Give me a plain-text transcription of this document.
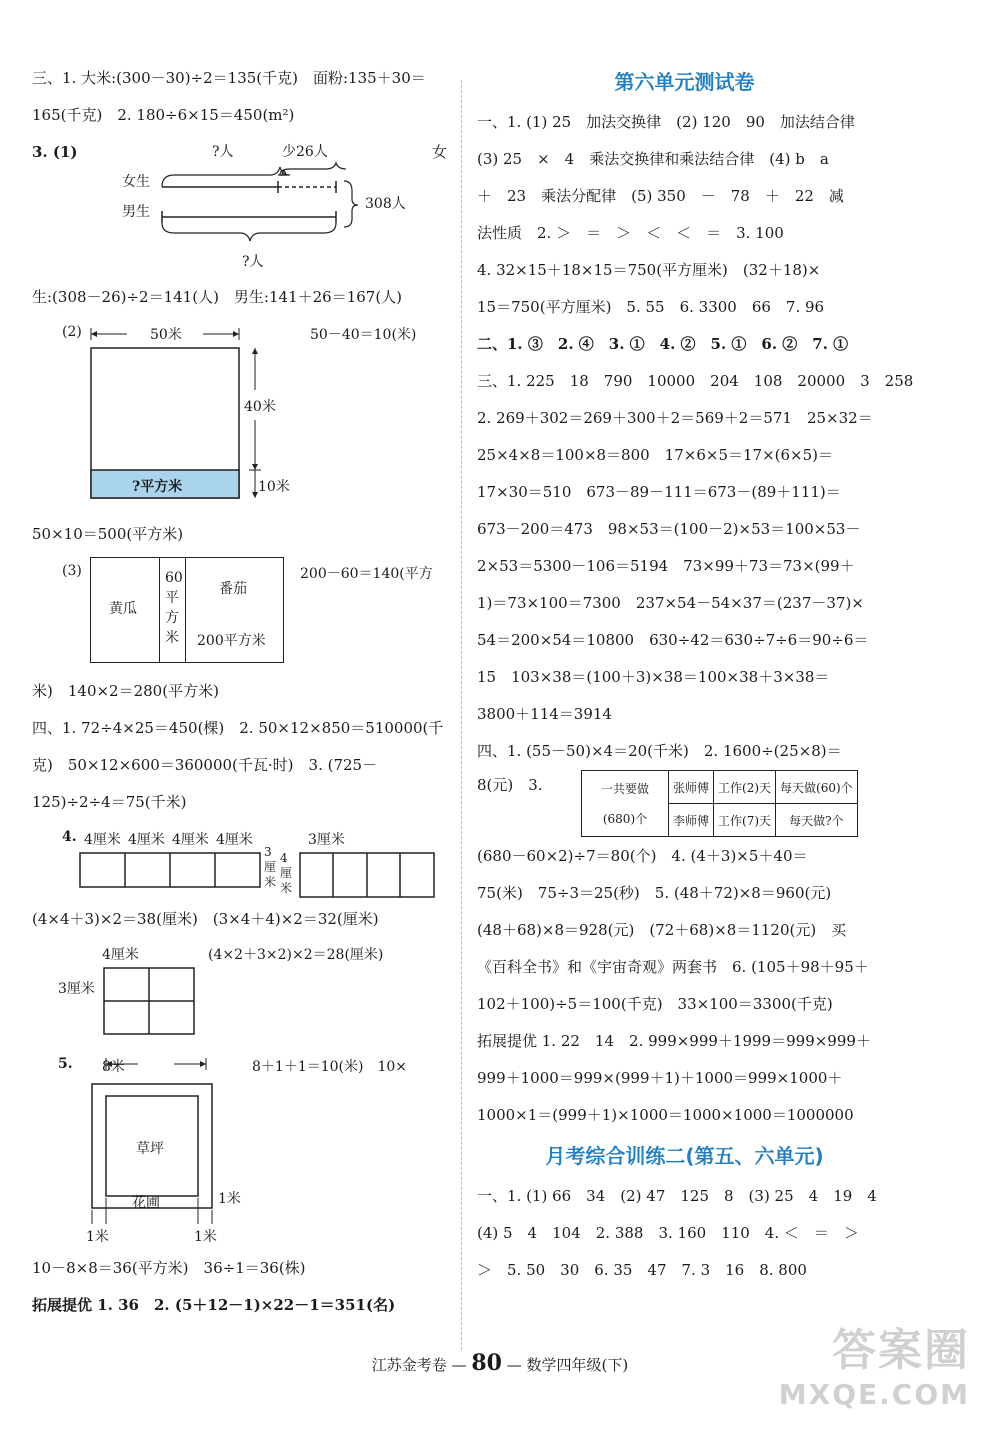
三、1. 大米:(300－30)÷2＝135(千克)　面粉:135＋30＝
165(千克)　2. 180÷6×15＝450(m²)
3. (1)	女
?人	少26人
女生
男生	308人
?人
生:(308－26)÷2＝141(人)　男生:141＋26＝167(人)
(2)	50－40＝10(米)
50米
40米
10米
?平方米
50×10＝500(平方米)
(3)	200－60＝140(平方
黄瓜
60平方米
番茄
200平方米
米)　140×2＝280(平方米)
四、1. 72÷4×25＝450(棵)　2. 50×12×850＝510000(千
克)　50×12×600＝360000(千瓦·时)　3. (725－
125)÷2÷4＝75(千米)
4. 4厘米 4厘米 4厘米 4厘米	3厘米
3厘米
4厘米
(4×4＋3)×2＝38(厘米)　(3×4＋4)×2＝32(厘米)
4厘米	(4×2＋3×2)×2＝28(厘米)
3厘米
5.	8＋1＋1＝10(米)　10×
草坪
花圃	1米
1米	1米
8米
10－8×8＝36(平方米)　36÷1＝36(株)
拓展提优 1. 36　2. (5＋12－1)×22－1＝351(名)
第六单元测试卷
一、1. (1) 25　加法交换律　(2) 120　90　加法结合律
(3) 25　×　4　乘法交换律和乘法结合律　(4) b　a
＋　23　乘法分配律　(5) 350　－　78　＋　22　减
法性质　2. ＞　＝　＞　＜　＜　＝　3. 100
4. 32×15＋18×15＝750(平方厘米)　(32＋18)×
15＝750(平方厘米)　5. 55　6. 3300　66　7. 96
二、1. ③　2. ④　3. ①　4. ②　5. ①　6. ②　7. ①
三、1. 225　18　790　10000　204　108　20000　3　258
2. 269＋302＝269＋300＋2＝569＋2＝571　25×32＝
25×4×8＝100×8＝800　17×6×5＝17×(6×5)＝
17×30＝510　673－89－111＝673－(89＋111)＝
673－200＝473　98×53＝(100－2)×53＝100×53－
2×53＝5300－106＝5194　73×99＋73＝73×(99＋
1)＝73×100＝7300　237×54－54×37＝(237－37)×
54＝200×54＝10800　630÷42＝630÷7÷6＝90÷6＝
15　103×38＝(100＋3)×38＝100×38＋3×38＝
3800＋114＝3914
四、1. (55－50)×4＝20(千米)　2. 1600÷(25×8)＝
8(元)　3.	一共要做
(680)个	张师傅	工作(2)天	每天做(60)个
	李师傅	工作(7)天	每天做?个
(680－60×2)÷7＝80(个)　4. (4＋3)×5＋40＝
75(米)　75÷3＝25(秒)　5. (48＋72)×8＝960(元)
(48＋68)×8＝928(元)　(72＋68)×8＝1120(元)　买
《百科全书》和《宇宙奇观》两套书　6. (105＋98＋95＋
102＋100)÷5＝100(千克)　33×100＝3300(千克)
拓展提优 1. 22　14　2. 999×999＋1999＝999×999＋
999＋1000＝999×(999＋1)＋1000＝999×1000＋
1000×1＝(999＋1)×1000＝1000×1000＝1000000
月考综合训练二(第五、六单元)
一、1. (1) 66　34　(2) 47　125　8　(3) 25　4　19　4
(4) 5　4　104　2. 388　3. 160　110　4. ＜　＝　＞
＞　5. 50　30　6. 35　47　7. 3　16　8. 800
江苏金考卷 — 80 — 数学四年级(下)	答案圈
MXQE.COM
